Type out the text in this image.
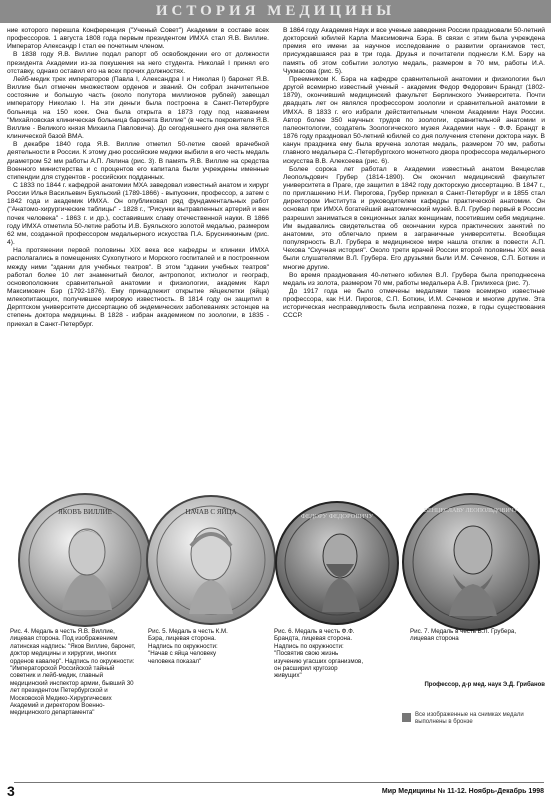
ИСТОРИЯ МЕДИЦИНЫ

ние которого перешла Конференция ("Ученый Совет") Академии в составе всех профессоров. 1 августа 1808 года первым президентом ИМХА стал Я.В. Виллие. Император Александр I стал ее почетным членом.

В 1838 году Я.В. Виллие подал рапорт об освобождении его от должности президента Академии из-за покушения на него студента. Николай I принял его отставку, однако оставил его на всех прочих должностях.

Лейб-медик трех императоров (Павла I, Александра I и Николая I) баронет Я.В. Виллие был отмечен множеством орденов и званий. Он собрал значительное состояние и большую часть (около полутора миллионов рублей) завещал императору Николаю I. На эти деньги была построена в Санкт-Петербурге больница на 150 коек. Она была открыта в 1873 году под названием "Михайловская клиническая больница баронета Виллие" (в честь покровителя Я.В. Виллие - Великого князя Михаила Павловича). До сегодняшнего дня она является клинической базой ВМА.

В декабре 1840 года Я.В. Виллие отметил 50-летие своей врачебной деятельности в России. К этому дню российские медики выбили в его честь медаль диаметром 52 мм работы А.П. Лялина (рис. 3). В память Я.В. Виллие на средства Военного министерства и с процентов его капитала были учреждены именные стипендии для студентов - российских подданных.

С 1833 по 1844 г. кафедрой анатомии МХА заведовал известный анатом и хирург России Илья Васильевич Буяльский (1789-1866) - выпускник, профессор, а затем с 1842 года и академик ИМХА. Он опубликовал ряд фундаментальных работ ("Анатомо-хирургические таблицы" - 1828 г., "Рисунки вытравленных артерий и вен почек человека" - 1863 г. и др.), составивших славу отечественной науки. В 1866 году ИМХА отметила 50-летие работы И.В. Буяльского золотой медалью, размером 62 мм, созданной профессором медальерного искусства П.А. Бруснинкиным (рис. 4).

На протяжении первой половины XIX века все кафедры и клиники ИМХА располагались в помещениях Сухопутного и Морского госпиталей и в построенном между ними "здании для учебных театров". В этом "здании учебных театров" работал более 10 лет знаменитый биолог, антрополог, ихтиолог и географ, основоположник сравнительной анатомии и физиологии, академик Карл Максимович Бэр (1792-1876). Ему принадлежит открытие яйцеклетки (яйца) млекопитающих, получившее мировую известность. В 1814 году он защитил в Дерптском университете диссертацию об эндемических заболеваниях эстонцев на степень доктора медицины. В 1828 - избран академиком по зоологии, в 1835 - приехал в Санкт-Петербург.

В 1864 году Академия Наук и все ученые заведения России праздновали 50-летний докторский юбилей Карла Максимовича Бэра. В связи с этим была учреждена премия его имени за научное исследование о развитии организмов тест, присуждавшаяся раз в три года. Друзья и почитатели поднесли К.М. Бэру на память об этом событии золотую медаль, размером в 70 мм, работы И.А. Чукмасова (рис. 5).

Преемником К. Бэра на кафедре сравнительной анатомии и физиологии был другой всемирно известный ученый - академик Федор Федорович Брандт (1802-1879), окончивший медицинский факультет Берлинского Университета. Почти двадцать лет он являлся профессором зоологии и сравнительной анатомии в ИМХА. В 1833 г. его избрали действительным членом Академии Наук России. Автор более 350 научных трудов по зоологии, сравнительной анатомии и палеонтологии, создатель Зоологического музея Академии наук - Ф.Ф. Брандт в 1876 году праздновал 50-летний юбилей со дня получения степени доктора наук. В канун праздника ему была вручена золотая медаль, размером 70 мм, работы главного медальера С.-Петербургского монетного двора профессора медальерного искусства В.В. Алексеева (рис. 6).

Более сорока лет работал в Академии известный анатом Венцеслав Леопольдович Грубер (1814-1890). Он окончил медицинский факультет университета в Праге, где защитил в 1842 году докторскую диссертацию. В 1847 г., по приглашению Н.И. Пирогова, Грубер приехал в Санкт-Петербург и в 1855 стал директором Института и руководителем кафедры практической анатомии. Он основал при ИМХА богатейший анатомический музей. В.Л. Грубер первый в России разрешил заниматься в секционных залах женщинам, посетившим себя медицине. Им выдавались свидетельства об окончании курса практических занятий по анатомии, это облегчало прием в заграничные университеты. Всеобщая популярность В.Л. Грубера в медицинское мире нашла отклик в повести А.П. Чехова "Скучная история". Около трети врачей России второй половины XIX века были слушателями В.Л. Грубера. Его друзьями были И.М. Сеченов, С.П. Боткин и многие другие.

Во время празднования 40-летнего юбилея В.Л. Грубера была преподнесена медаль из золота, размером 70 мм, работы медальера А.В. Грилихеса (рис. 7).

До 1917 года не было отмечены медалями такие всемирно известные профессора, как Н.И. Пирогов, С.П. Боткин, И.М. Сеченов и многие другие. Эта историческая несправедливость была исправлена позже, в годы существования СССР.

Профессор, д-р мед. наук Э.Д. Грибанов
ЯКОВЪ ВИЛЛИЕ	НАЧАВ С ЯЙЦА
ФЕДОРУ ФЕДОРОВИЧУ
ВЕНЦЕСЛАВУ ЛЕОПОЛЬДОВИЧУ
Рис. 4. Медаль в честь Я.В. Виллие, лицевая сторона. Под изображением латинская надпись: "Яков Виллие, баронет, доктор медицины и хирургии, многих орденов кавалер". Надпись по окружности: "Императорской Российской тайный советник и лейб-медик, главный медицинский инспектор армии, бывший 30 лет президентом Петербургской и Московской Медико-Хирургических Академий и директором Военно-медицинского департамента"
Рис. 5. Медаль в честь К.М. Бэра, лицевая сторона. Надпись по окружности: "Начав с яйца человеку человека показал"
Рис. 6. Медаль в честь Ф.Ф. Брандта, лицевая сторона. Надпись по окружности: "Посвятив свою жизнь изучению угасших организмов, он расширил кругозор живущих"
Рис. 7. Медаль в честь В.Л. Грубера, лицевая сторона
Все изображенные на снимках медали выполнены в бронзе
3	Мир Медицины № 11-12. Ноябрь-Декабрь 1998
